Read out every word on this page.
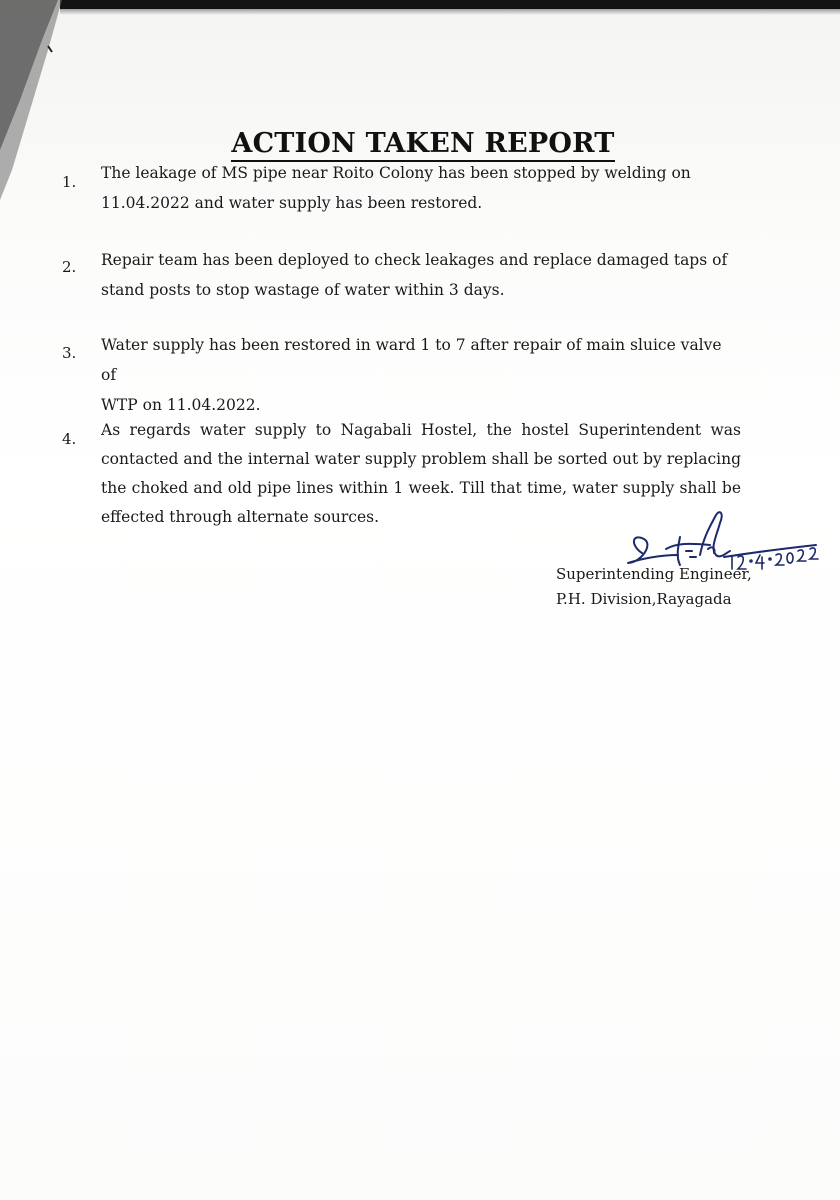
ACTION TAKEN REPORT
1. The leakage of MS pipe near Roito Colony has been stopped by welding on
11.04.2022 and water supply has been restored.
2. Repair team has been deployed to check leakages and replace damaged taps of
stand posts to stop wastage of water within 3 days.
3. Water supply has been restored in ward 1 to 7 after repair of main sluice valve of
WTP on 11.04.2022.
4. As regards water supply to Nagabali Hostel, the hostel Superintendent was
contacted and the internal water supply problem shall be sorted out by replacing
the choked and old pipe lines within 1 week. Till that time, water supply shall be
effected through alternate sources.
Superintending Engineer,
P.H. Division,Rayagada
